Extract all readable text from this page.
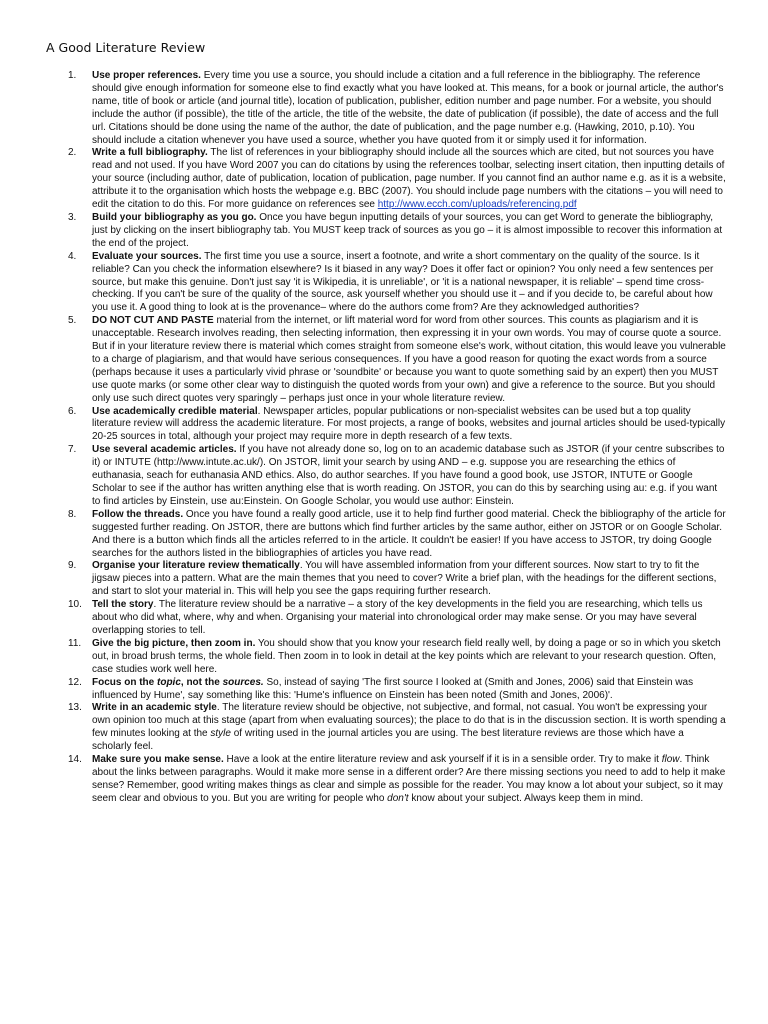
A Good Literature Review
1. Use proper references. Every time you use a source, you should include a citation and a full reference in the bibliography. The reference should give enough information for someone else to find exactly what you have looked at. This means, for a book or journal article, the author's name, title of book or article (and journal title), location of publication, publisher, edition number and page number. For a website, you should include the author (if possible), the title of the article, the title of the website, the date of publication (if possible), the date of access and the full url. Citations should be done using the name of the author, the date of publication, and the page number e.g. (Hawking, 2010, p.10). You should include a citation whenever you have used a source, whether you have quoted from it or simply used it for information.
2. Write a full bibliography. The list of references in your bibliography should include all the sources which are cited, but not sources you have read and not used. If you have Word 2007 you can do citations by using the references toolbar, selecting insert citation, then inputting details of your source (including author, date of publication, location of publication, page number. If you cannot find an author name e.g. as it is a website, attribute it to the organisation which hosts the webpage e.g. BBC (2007). You should include page numbers with the citations – you will need to edit the citation to do this. For more guidance on references see http://www.ecch.com/uploads/referencing.pdf
3. Build your bibliography as you go. Once you have begun inputting details of your sources, you can get Word to generate the bibliography, just by clicking on the insert bibliography tab. You MUST keep track of sources as you go – it is almost impossible to recover this information at the end of the project.
4. Evaluate your sources. The first time you use a source, insert a footnote, and write a short commentary on the quality of the source. Is it reliable? Can you check the information elsewhere? Is it biased in any way? Does it offer fact or opinion? You only need a few sentences per source, but make this genuine. Don't just say 'it is Wikipedia, it is unreliable', or 'it is a national newspaper, it is reliable' – spend time cross-checking. If you can't be sure of the quality of the source, ask yourself whether you should use it – and if you decide to, be careful about how you use it. A good thing to look at is the provenance– where do the authors come from? Are they acknowledged authorities?
5. DO NOT CUT AND PASTE material from the internet, or lift material word for word from other sources. This counts as plagiarism and it is unacceptable. Research involves reading, then selecting information, then expressing it in your own words. You may of course quote a source. But if in your literature review there is material which comes straight from someone else's work, without citation, this would leave you vulnerable to a charge of plagiarism, and that would have serious consequences. If you have a good reason for quoting the exact words from a source (perhaps because it uses a particularly vivid phrase or 'soundbite' or because you want to quote something said by an expert) then you MUST use quote marks (or some other clear way to distinguish the quoted words from your own) and give a reference to the source. But you should only use such direct quotes very sparingly – perhaps just once in your whole literature review.
6. Use academically credible material. Newspaper articles, popular publications or non-specialist websites can be used but a top quality literature review will address the academic literature. For most projects, a range of books, websites and journal articles should be used-typically 20-25 sources in total, although your project may require more in depth research of a few texts.
7. Use several academic articles. If you have not already done so, log on to an academic database such as JSTOR (if your centre subscribes to it) or INTUTE (http://www.intute.ac.uk/). On JSTOR, limit your search by using AND – e.g. suppose you are researching the ethics of euthanasia, seach for euthanasia AND ethics. Also, do author searches. If you have found a good book, use JSTOR, INTUTE or Google Scholar to see if the author has written anything else that is worth reading. On JSTOR, you can do this by searching using au: e.g. if you want to find articles by Einstein, use au:Einstein. On Google Scholar, you would use author: Einstein.
8. Follow the threads. Once you have found a really good article, use it to help find further good material. Check the bibliography of the article for suggested further reading. On JSTOR, there are buttons which find further articles by the same author, either on JSTOR or on Google Scholar. And there is a button which finds all the articles referred to in the article. It couldn't be easier! If you have access to JSTOR, try doing Google searches for the authors listed in the bibliographies of articles you have read.
9. Organise your literature review thematically. You will have assembled information from your different sources. Now start to try to fit the jigsaw pieces into a pattern. What are the main themes that you need to cover? Write a brief plan, with the headings for the different sections, and start to slot your material in. This will help you see the gaps requiring further research.
10. Tell the story. The literature review should be a narrative – a story of the key developments in the field you are researching, which tells us about who did what, where, why and when. Organising your material into chronological order may make sense. Or you may have several overlapping stories to tell.
11. Give the big picture, then zoom in. You should show that you know your research field really well, by doing a page or so in which you sketch out, in broad brush terms, the whole field. Then zoom in to look in detail at the key points which are relevant to your research question. Often, case studies work well here.
12. Focus on the topic, not the sources. So, instead of saying 'The first source I looked at (Smith and Jones, 2006) said that Einstein was influenced by Hume', say something like this: 'Hume's influence on Einstein has been noted (Smith and Jones, 2006)'.
13. Write in an academic style. The literature review should be objective, not subjective, and formal, not casual. You won't be expressing your own opinion too much at this stage (apart from when evaluating sources); the place to do that is in the discussion section. It is worth spending a few minutes looking at the style of writing used in the journal articles you are using. The best literature reviews are those which have a scholarly feel.
14. Make sure you make sense. Have a look at the entire literature review and ask yourself if it is in a sensible order. Try to make it flow. Think about the links between paragraphs. Would it make more sense in a different order? Are there missing sections you need to add to help it make sense? Remember, good writing makes things as clear and simple as possible for the reader. You may know a lot about your subject, so it may seem clear and obvious to you. But you are writing for people who don't know about your subject. Always keep them in mind.
